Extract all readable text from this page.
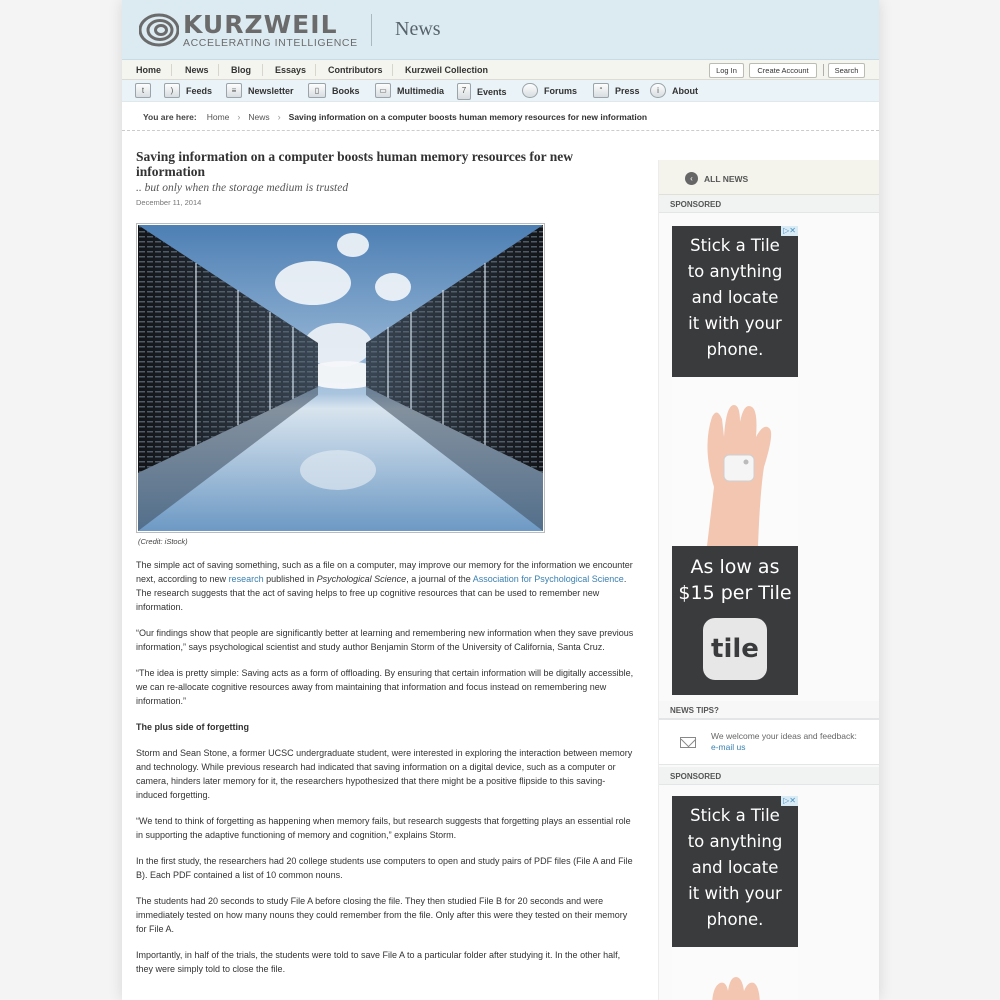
KURZWEIL
ACCELERATING INTELLIGENCE
News
Home	News Blog	Essays Contributors	Kurzweil Collection	Log In	Create Account	Search
t	)	Feeds	≡	Newsletter	▯	Books	▭	Multimedia	7	Events	Forums	“	Press	i	About
You are here: Home › News › Saving information on a computer boosts human memory resources for new information
Saving information on a computer boosts human memory resources for new information
.. but only when the storage medium is trusted
December 11, 2014
(Credit: iStock)

The simple act of saving something, such as a file on a computer, may improve our memory for the information we encounter next, according to new research published in Psychological Science, a journal of the Association for Psychological Science. The research suggests that the act of saving helps to free up cognitive resources that can be used to remember new information.

“Our findings show that people are significantly better at learning and remembering new information when they save previous information,” says psychological scientist and study author Benjamin Storm of the University of California, Santa Cruz.

“The idea is pretty simple: Saving acts as a form of offloading. By ensuring that certain information will be digitally accessible, we can re-allocate cognitive resources away from maintaining that information and focus instead on remembering new information.”

The plus side of forgetting

Storm and Sean Stone, a former UCSC undergraduate student, were interested in exploring the interaction between memory and technology. While previous research had indicated that saving information on a digital device, such as a computer or camera, hinders later memory for it, the researchers hypothesized that there might be a positive flipside to this saving-induced forgetting.

“We tend to think of forgetting as happening when memory fails, but research suggests that forgetting plays an essential role in supporting the adaptive functioning of memory and cognition,” explains Storm.

In the first study, the researchers had 20 college students use computers to open and study pairs of PDF files (File A and File B). Each PDF contained a list of 10 common nouns.

The students had 20 seconds to study File A before closing the file. They then studied File B for 20 seconds and were immediately tested on how many nouns they could remember from the file. Only after this were they tested on their memory for File A.

Importantly, in half of the trials, the students were told to save File A to a particular folder after studying it. In the other half, they were simply told to close the file.

‹	ALL NEWS
SPONSORED
▷✕
Stick a Tile
to anything
and locate
it with your
phone.
As low as
$15 per Tile
tile
NEWS TIPS?
We welcome your ideas and feedback:
e-mail us
SPONSORED
▷✕
Stick a Tile
to anything
and locate
it with your
phone.
